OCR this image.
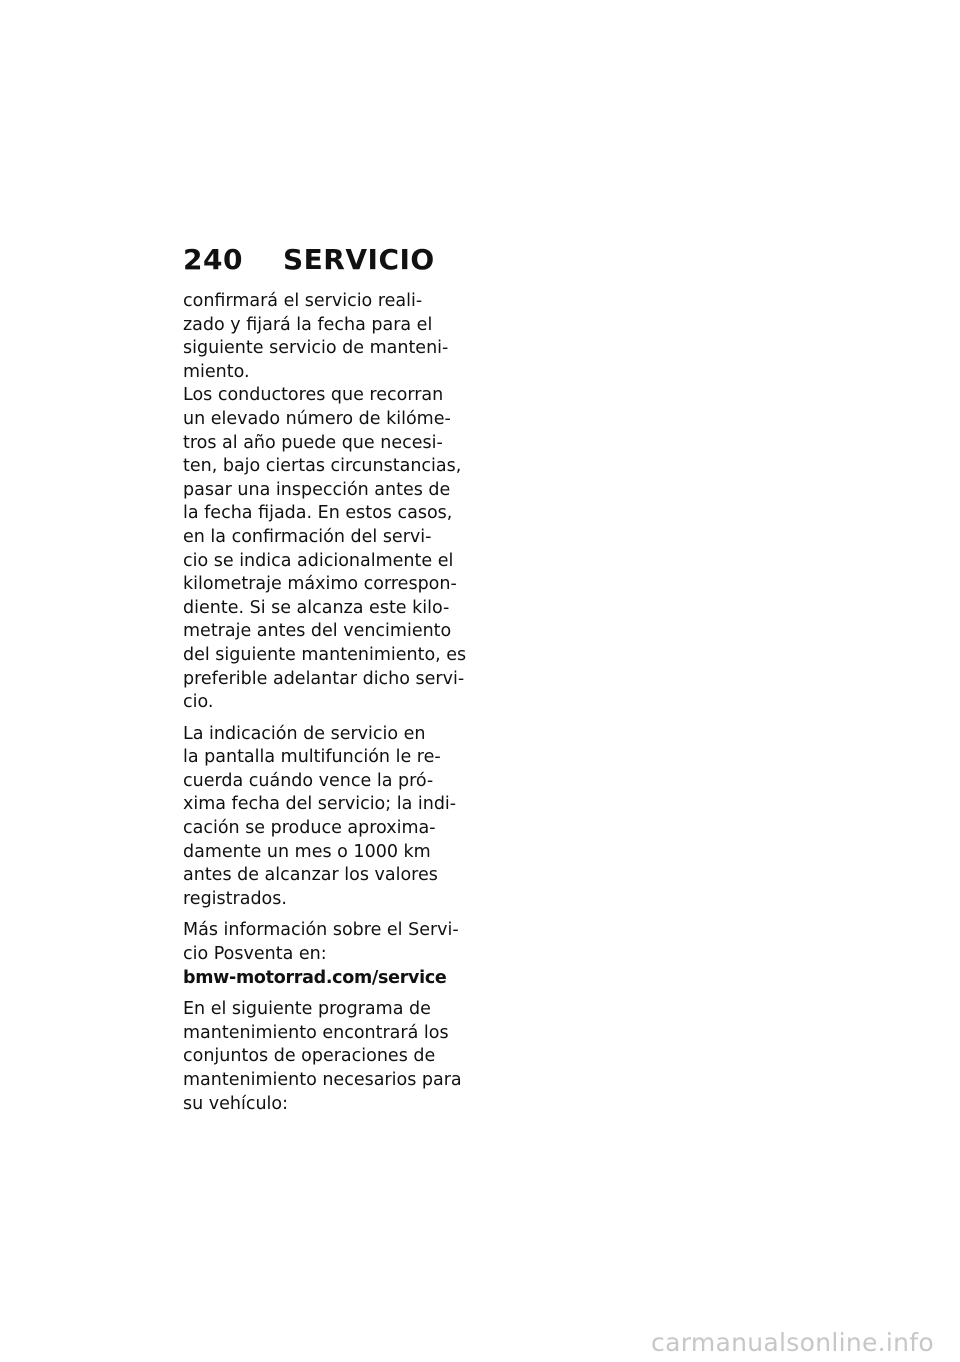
240	SERVICIO

confirmará el servicio reali-
zado y fijará la fecha para el
siguiente servicio de manteni-
miento.

Los conductores que recorran
un elevado número de kilóme-
tros al año puede que necesi-
ten, bajo ciertas circunstancias,
pasar una inspección antes de
la fecha fijada. En estos casos,
en la confirmación del servi-
cio se indica adicionalmente el
kilometraje máximo correspon-
diente. Si se alcanza este kilo-
metraje antes del vencimiento
del siguiente mantenimiento, es
preferible adelantar dicho servi-
cio.

La indicación de servicio en
la pantalla multifunción le re-
cuerda cuándo vence la pró-
xima fecha del servicio; la indi-
cación se produce aproxima-
damente un mes o 1000 km
antes de alcanzar los valores
registrados.

Más información sobre el Servi-
cio Posventa en:
bmw-motorrad.com/service

En el siguiente programa de
mantenimiento encontrará los
conjuntos de operaciones de
mantenimiento necesarios para
su vehículo:

carmanualsonline.info
